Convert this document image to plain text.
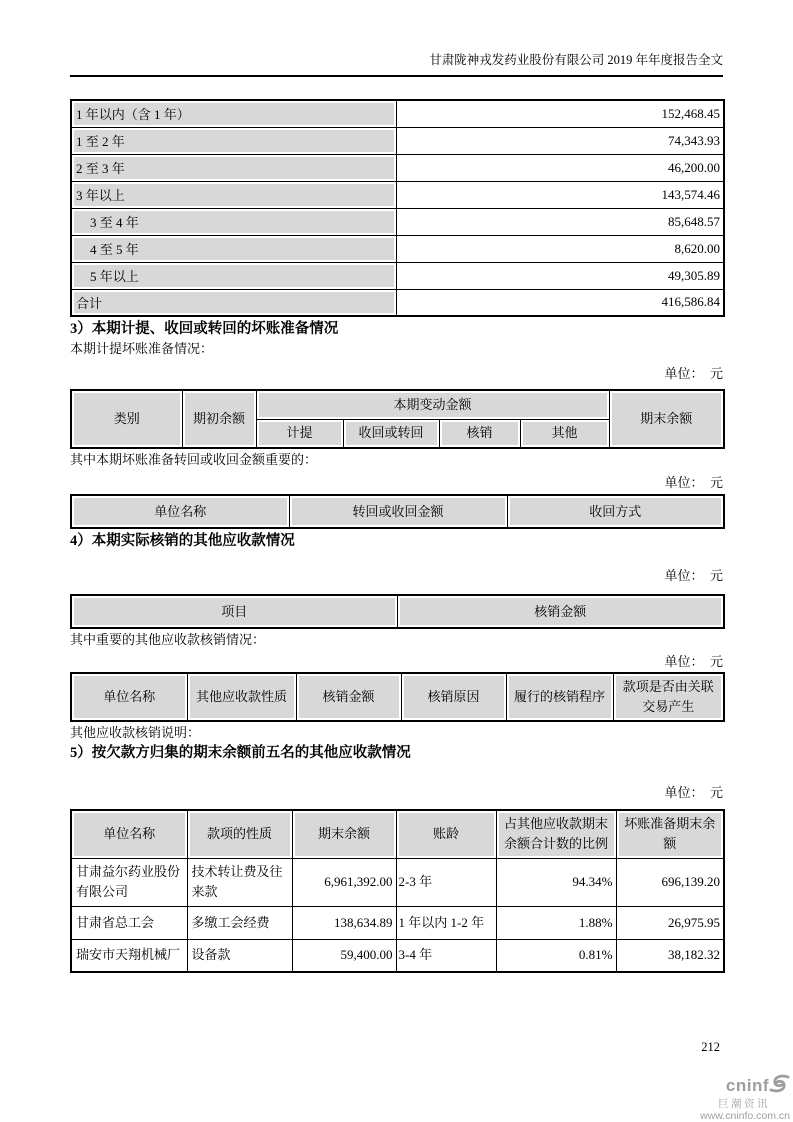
甘肃陇神戎发药业股份有限公司 2019 年年度报告全文
1 年以内（含 1 年）	152,468.45
1 至 2 年	74,343.93
2 至 3 年	46,200.00
3 年以上	143,574.46
3 至 4 年	85,648.57
4 至 5 年	8,620.00
5 年以上	49,305.89
合计	416,586.84
3）本期计提、收回或转回的坏账准备情况

本期计提坏账准备情况：

单位：　元
类别	期初余额	本期变动金额				期末余额
		计提	收回或转回	核销	其他	

其中本期坏账准备转回或收回金额重要的：

单位：　元
单位名称	转回或收回金额	收回方式
4）本期实际核销的其他应收款情况
单位：　元
项目	核销金额

其中重要的其他应收款核销情况：

单位：　元
单位名称	其他应收款性质	核销金额	核销原因	履行的核销程序	款项是否由关联交易产生

其他应收款核销说明：

5）按欠款方归集的期末余额前五名的其他应收款情况
单位：　元
单位名称	款项的性质	期末余额	账龄	占其他应收款期末余额合计数的比例	坏账准备期末余额
甘肃益尔药业股份有限公司	技术转让费及往来款	6,961,392.00	2-3 年	94.34%	696,139.20
甘肃省总工会	多缴工会经费	138,634.89	1 年以内 1-2 年	1.88%	26,975.95
瑞安市天翔机械厂	设备款	59,400.00	3-4 年	0.81%	38,182.32
212
cninf
巨潮资讯
www.cninfo.com.cn
